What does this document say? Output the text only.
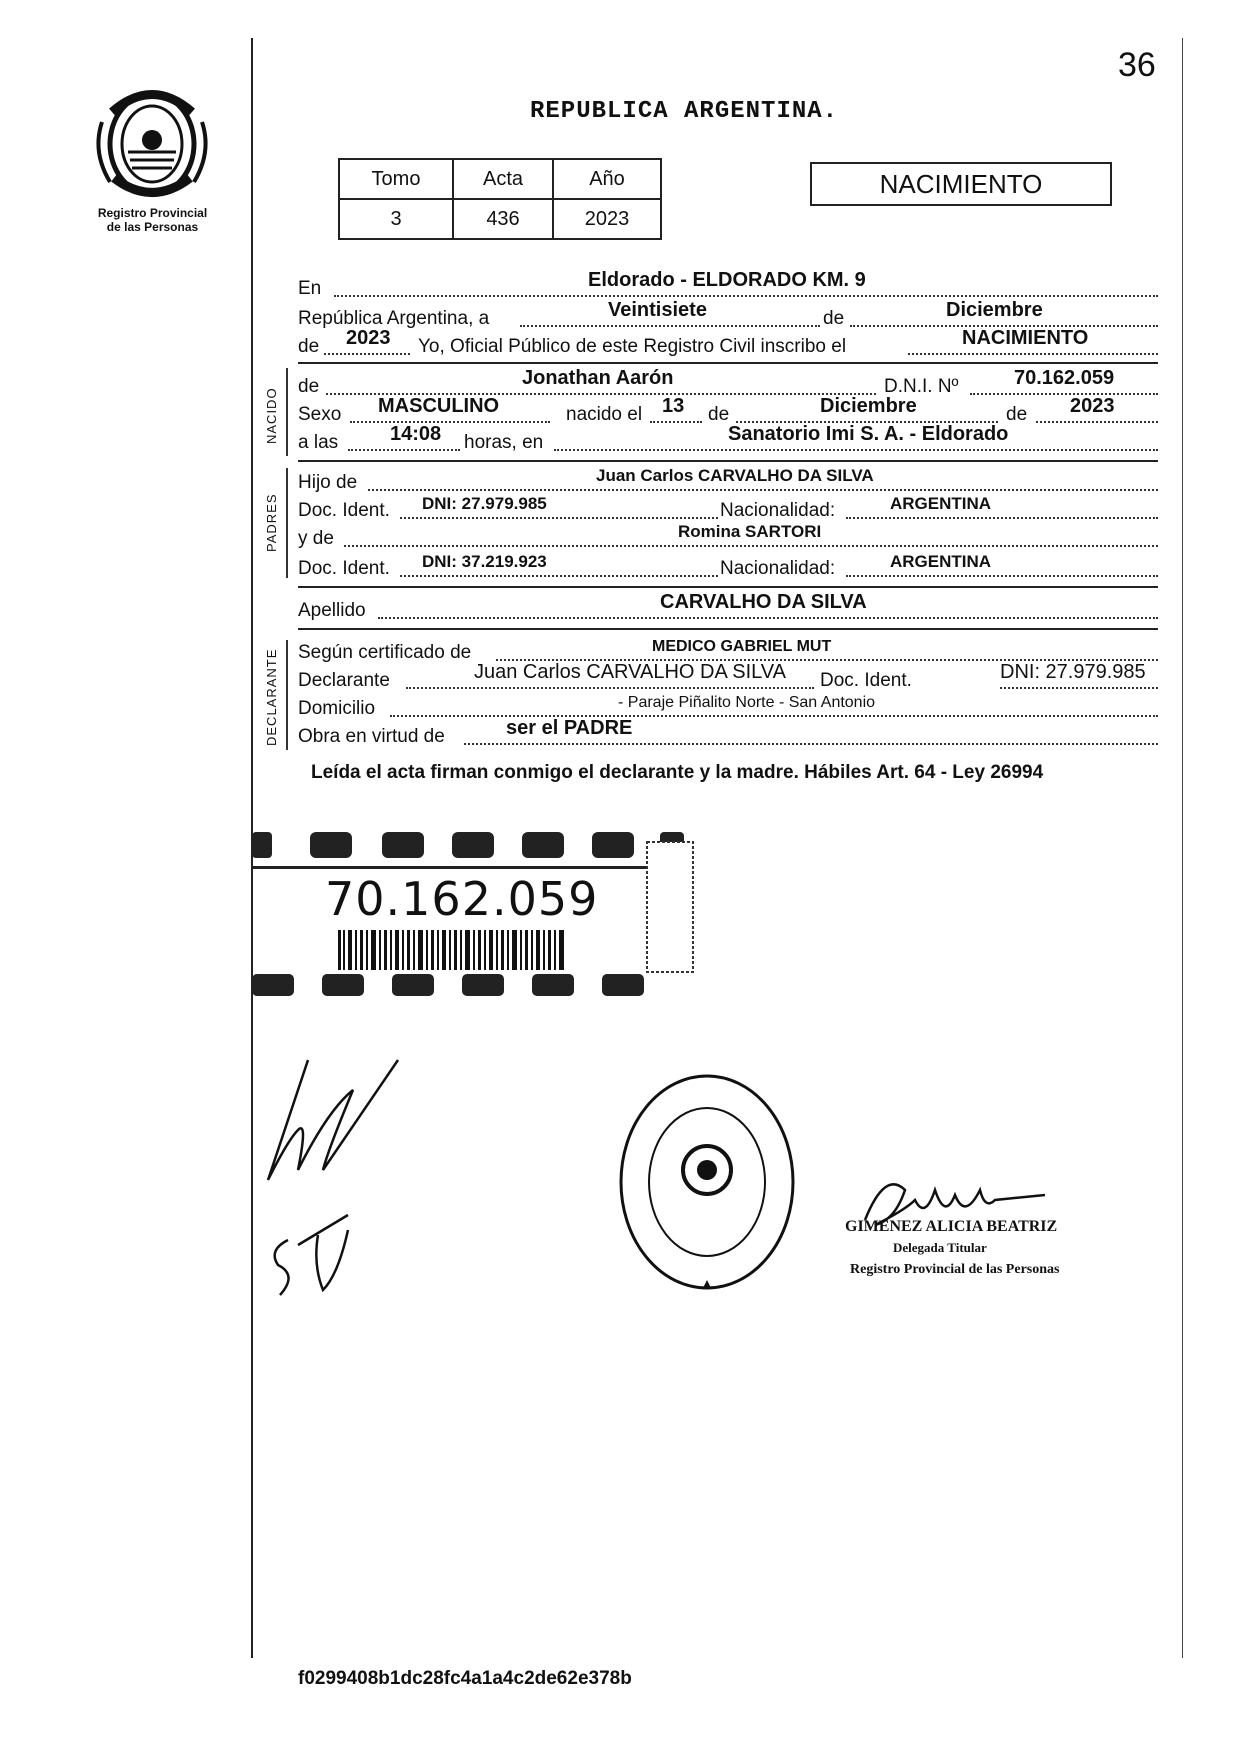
36
Registro Provincial
de las Personas
REPUBLICA ARGENTINA.
Tomo	Acta	Año
3	436	2023
NACIMIENTO
En	Eldorado - ELDORADO KM. 9
República Argentina, a	Veintisiete	de	Diciembre
de 2023 Yo, Oficial Público de este Registro Civil inscribo el	NACIMIENTO
NACIDO
de	Jonathan Aarón	D.N.I. Nº	70.162.059
Sexo MASCULINO	nacido el 13 de	Diciembre	de 2023
a las	14:08 horas, en	Sanatorio Imi S. A. - Eldorado
PADRES
Hijo de	Juan Carlos CARVALHO DA SILVA
Doc. Ident. DNI: 27.979.985	Nacionalidad:	ARGENTINA
y de	Romina SARTORI
Doc. Ident. DNI: 37.219.923	Nacionalidad:	ARGENTINA
Apellido	CARVALHO DA SILVA
DECLARANTE Según certificado de	MEDICO GABRIEL MUT
Declarante	Juan Carlos CARVALHO DA SILVA Doc. Ident.	DNI: 27.979.985
Domicilio	- Paraje Piñalito Norte - San Antonio
Obra en virtud de	ser el PADRE
Leída el acta firman conmigo el declarante y la madre. Hábiles Art. 64 - Ley 26994
70.162.059
GIMENEZ ALICIA BEATRIZ
Delegada Titular
Registro Provincial de las Personas
f0299408b1dc28fc4a1a4c2de62e378b
